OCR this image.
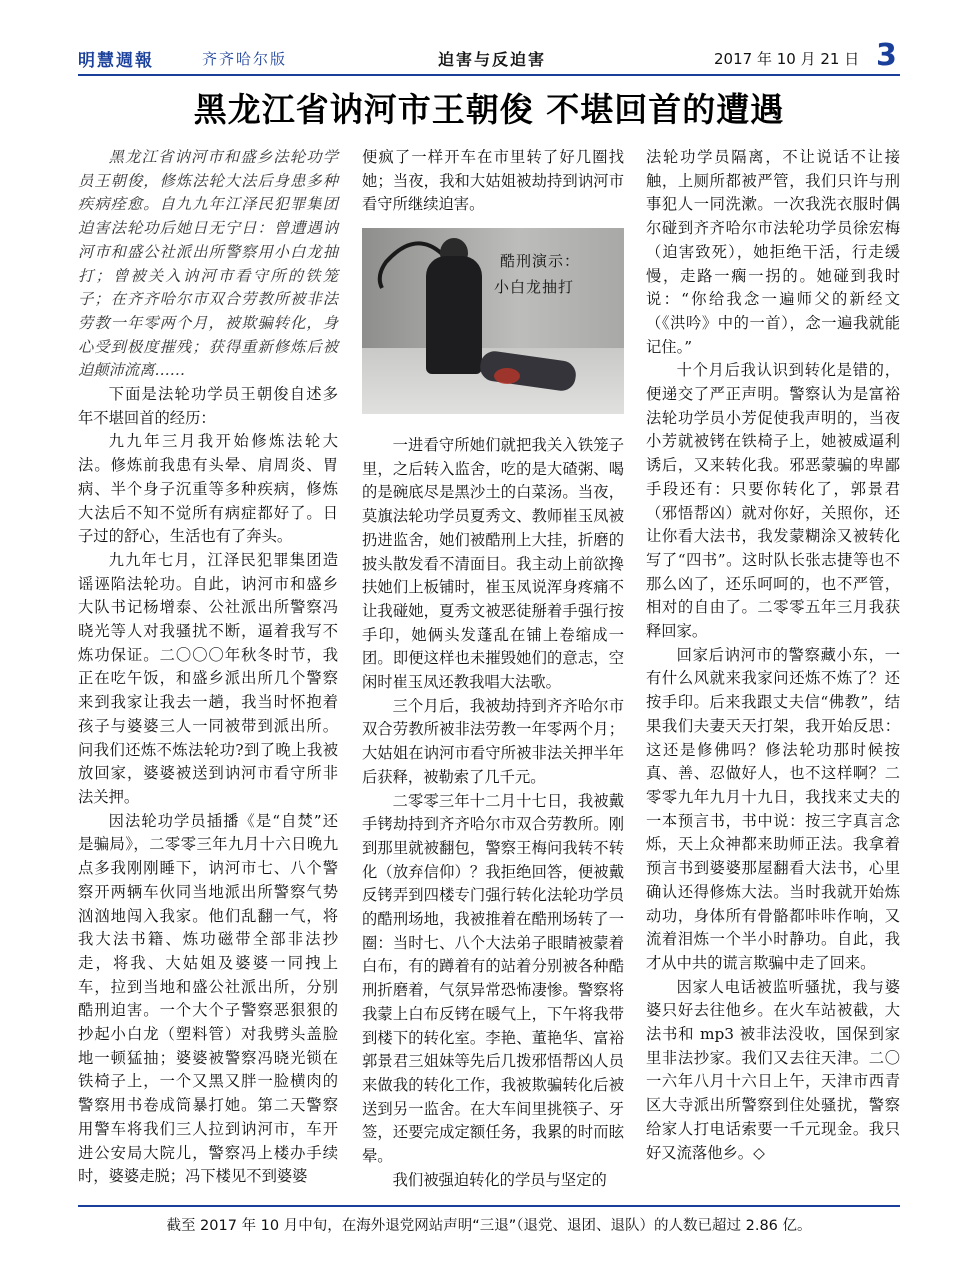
明慧週報	齐齐哈尔版	迫害与反迫害	2017 年 10 月 21 日 3
黑龙江省讷河市王朝俊 不堪回首的遭遇

黑龙江省讷河市和盛乡法轮功学员王朝俊，修炼法轮大法后身患多种疾病痊愈。自九九年江泽民犯罪集团迫害法轮功后她日无宁日：曾遭遇讷河市和盛公社派出所警察用小白龙抽打；曾被关入讷河市看守所的铁笼子；在齐齐哈尔市双合劳教所被非法劳教一年零两个月，被欺骗转化，身心受到极度摧残；获得重新修炼后被迫颠沛流离……

下面是法轮功学员王朝俊自述多年不堪回首的经历：

九九年三月我开始修炼法轮大法。修炼前我患有头晕、肩周炎、胃病、半个身子沉重等多种疾病，修炼大法后不知不觉所有病症都好了。日子过的舒心，生活也有了奔头。

九九年七月，江泽民犯罪集团造谣诬陷法轮功。自此，讷河市和盛乡大队书记杨增泰、公社派出所警察冯晓光等人对我骚扰不断，逼着我写不炼功保证。二〇〇〇年秋冬时节，我正在吃午饭，和盛乡派出所几个警察来到我家让我去一趟，我当时怀抱着孩子与婆婆三人一同被带到派出所。问我们还炼不炼法轮功?到了晚上我被放回家，婆婆被送到讷河市看守所非法关押。

因法轮功学员插播《是“自焚”还是骗局》，二零零三年九月十六日晚九点多我刚刚睡下，讷河市七、八个警察开两辆车伙同当地派出所警察气势汹汹地闯入我家。他们乱翻一气，将我大法书籍、炼功磁带全部非法抄走，将我、大姑姐及婆婆一同拽上车，拉到当地和盛公社派出所，分别酷刑迫害。一个大个子警察恶狠狠的抄起小白龙（塑料管）对我劈头盖脸地一顿猛抽；婆婆被警察冯晓光锁在铁椅子上，一个又黑又胖一脸横肉的警察用书卷成筒暴打她。第二天警察用警车将我们三人拉到讷河市，车开进公安局大院儿，警察冯上楼办手续时，婆婆走脱；冯下楼见不到婆婆

便疯了一样开车在市里转了好几圈找她；当夜，我和大姑姐被劫持到讷河市看守所继续迫害。

酷刑演示：
小白龙抽打

一进看守所她们就把我关入铁笼子里，之后转入监舍，吃的是大碴粥、喝的是碗底尽是黑沙土的白菜汤。当夜，莫旗法轮功学员夏秀文、教师崔玉凤被扔进监舍，她们被酷刑上大挂，折磨的披头散发看不清面目。我主动上前欲搀扶她们上板铺时，崔玉凤说浑身疼痛不让我碰她，夏秀文被恶徒掰着手强行按手印，她俩头发蓬乱在铺上卷缩成一团。即便这样也未摧毁她们的意志，空闲时崔玉凤还教我唱大法歌。

三个月后，我被劫持到齐齐哈尔市双合劳教所被非法劳教一年零两个月；大姑姐在讷河市看守所被非法关押半年后获释，被勒索了几千元。

二零零三年十二月十七日，我被戴手铐劫持到齐齐哈尔市双合劳教所。刚到那里就被翻包，警察王梅问我转不转化（放弃信仰）？我拒绝回答，便被戴反铐弄到四楼专门强行转化法轮功学员的酷刑场地，我被推着在酷刑场转了一圈：当时七、八个大法弟子眼睛被蒙着白布，有的蹲着有的站着分别被各种酷刑折磨着，气氛异常恐怖凄惨。警察将我蒙上白布反铐在暖气上，下午将我带到楼下的转化室。李艳、董艳华、富裕郭景君三姐妹等先后几拨邪悟帮凶人员来做我的转化工作，我被欺骗转化后被送到另一监舍。在大车间里挑筷子、牙签，还要完成定额任务，我累的时而眩晕。

我们被强迫转化的学员与坚定的

法轮功学员隔离，不让说话不让接触，上厕所都被严管，我们只许与刑事犯人一同洗漱。一次我洗衣服时偶尔碰到齐齐哈尔市法轮功学员徐宏梅（迫害致死），她拒绝干活，行走缓慢，走路一瘸一拐的。她碰到我时说：“你给我念一遍师父的新经文（《洪吟》中的一首），念一遍我就能记住。”

十个月后我认识到转化是错的，便递交了严正声明。警察认为是富裕法轮功学员小芳促使我声明的，当夜小芳就被铐在铁椅子上，她被威逼利诱后，又来转化我。邪恶蒙骗的卑鄙手段还有：只要你转化了，郭景君（邪悟帮凶）就对你好，关照你，还让你看大法书，我发蒙糊涂又被转化写了“四书”。这时队长张志捷等也不那么凶了，还乐呵呵的，也不严管，相对的自由了。二零零五年三月我获释回家。

回家后讷河市的警察藏小东，一有什么风就来我家问还炼不炼了？还按手印。后来我跟丈夫信“佛教”，结果我们夫妻天天打架，我开始反思：这还是修佛吗？修法轮功那时候按真、善、忍做好人，也不这样啊？二零零九年九月十九日，我找来丈夫的一本预言书，书中说：按三字真言念烁，天上众神都来助师正法。我拿着预言书到婆婆那屋翻看大法书，心里确认还得修炼大法。当时我就开始炼动功，身体所有骨骼都咔咔作响，又流着泪炼一个半小时静功。自此，我才从中共的谎言欺骗中走了回来。

因家人电话被监听骚扰，我与婆婆只好去往他乡。在火车站被截，大法书和 mp3 被非法没收，国保到家里非法抄家。我们又去往天津。二〇一六年八月十六日上午，天津市西青区大寺派出所警察到住处骚扰，警察给家人打电话索要一千元现金。我只好又流落他乡。◇

截至 2017 年 10 月中旬，在海外退党网站声明“三退”（退党、退团、退队）的人数已超过 2.86 亿。
